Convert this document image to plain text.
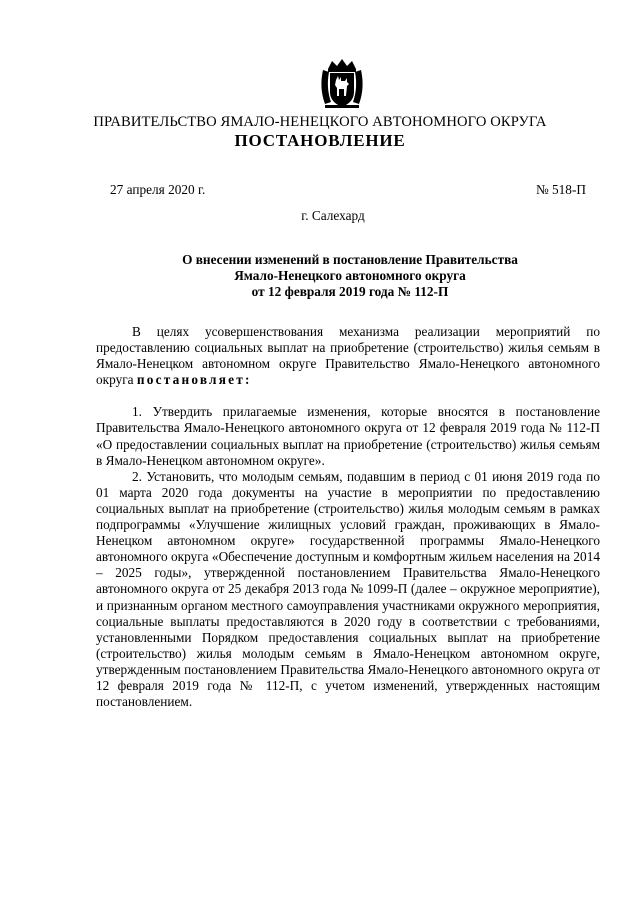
ПРАВИТЕЛЬСТВО ЯМАЛО-НЕНЕЦКОГО АВТОНОМНОГО ОКРУГА
ПОСТАНОВЛЕНИЕ
27 апреля 2020 г.	№ 518-П
г. Салехард
О внесении изменений в постановление Правительства
Ямало-Ненецкого автономного округа
от 12 февраля 2019 года № 112-П

В целях усовершенствования механизма реализации мероприятий по предоставлению социальных выплат на приобретение (строительство) жилья семьям в Ямало-Ненецком автономном округе Правительство Ямало-Ненецкого автономного округа постановляет:

1. Утвердить прилагаемые изменения, которые вносятся в постановление Правительства Ямало-Ненецкого автономного округа от 12 февраля 2019 года № 112-П «О предоставлении социальных выплат на приобретение (строительство) жилья семьям в Ямало-Ненецком автономном округе».

2. Установить, что молодым семьям, подавшим в период с 01 июня 2019 года по 01 марта 2020 года документы на участие в мероприятии по предоставлению социальных выплат на приобретение (строительство) жилья молодым семьям в рамках подпрограммы «Улучшение жилищных условий граждан, проживающих в Ямало-Ненецком автономном округе» государственной программы Ямало-Ненецкого автономного округа «Обеспечение доступным и комфортным жильем населения на 2014 – 2025 годы», утвержденной постановлением Правительства Ямало-Ненецкого автономного округа от 25 декабря 2013 года № 1099-П (далее – окружное мероприятие), и признанным органом местного самоуправления участниками окружного мероприятия, социальные выплаты предоставляются в 2020 году в соответствии с требованиями, установленными Порядком предоставления социальных выплат на приобретение (строительство) жилья молодым семьям в Ямало-Ненецком автономном округе, утвержденным постановлением Правительства Ямало-Ненецкого автономного округа от 12 февраля 2019 года № 112-П, с учетом изменений, утвержденных настоящим постановлением.
